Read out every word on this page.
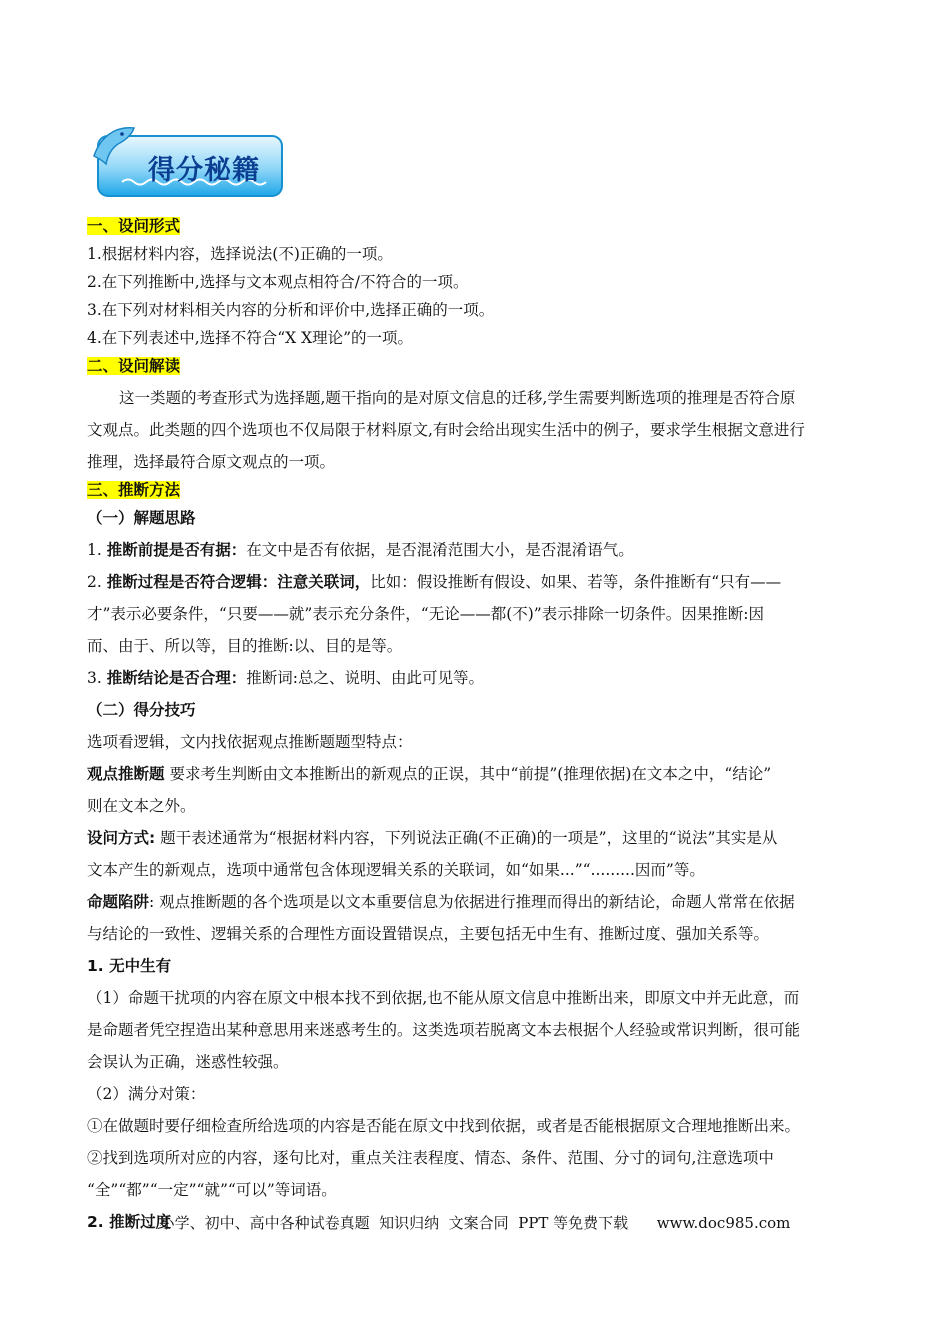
得分秘籍

一、设问形式

1.根据材料内容，选择说法(不)正确的一项。

2.在下列推断中,选择与文本观点相符合/不符合的一项。

3.在下列对材料相关内容的分析和评价中,选择正确的一项。

4.在下列表述中,选择不符合“X X理论”的一项。

二、设问解读

这一类题的考查形式为选择题,题干指向的是对原文信息的迁移,学生需要判断选项的推理是否符合原

文观点。此类题的四个选项也不仅局限于材料原文,有时会给出现实生活中的例子，要求学生根据文意进行

推理，选择最符合原文观点的一项。

三、推断方法

（一）解题思路

1. 推断前提是否有据：在文中是否有依据，是否混淆范围大小，是否混淆语气。

2. 推断过程是否符合逻辑：注意关联词，比如：假设推断有假设、如果、若等，条件推断有“只有——

才”表示必要条件，“只要——就”表示充分条件，“无论——都(不)”表示排除一切条件。因果推断:因

而、由于、所以等，目的推断:以、目的是等。

3. 推断结论是否合理：推断词:总之、说明、由此可见等。

（二）得分技巧

选项看逻辑，文内找依据观点推断题题型特点：

观点推断题 要求考生判断由文本推断出的新观点的正误，其中“前提”(推理依据)在文本之中，“结论”

则在文本之外。

设问方式: 题干表述通常为“根据材料内容，下列说法正确(不正确)的一项是”，这里的“说法”其实是从

文本产生的新观点，选项中通常包含体现逻辑关系的关联词，如“如果...”“.........因而”等。

命题陷阱: 观点推断题的各个选项是以文本重要信息为依据进行推理而得出的新结论，命题人常常在依据

与结论的一致性、逻辑关系的合理性方面设置错误点，主要包括无中生有、推断过度、强加关系等。

1. 无中生有

（1）命题干扰项的内容在原文中根本找不到依据,也不能从原文信息中推断出来，即原文中并无此意，而

是命题者凭空捏造出某种意思用来迷惑考生的。这类选项若脱离文本去根据个人经验或常识判断，很可能

会误认为正确，迷惑性较强。

（2）满分对策：

①在做题时要仔细检查所给选项的内容是否能在原文中找到依据，或者是否能根据原文合理地推断出来。

②找到选项所对应的内容，逐句比对，重点关注表程度、情态、条件、范围、分寸的词句,注意选项中

“全”“都”“一定”“就”“可以”等词语。

2. 推断过度

小学、初中、高中各种试卷真题  知识归纳  文案合同  PPT 等免费下载 www.doc985.com
